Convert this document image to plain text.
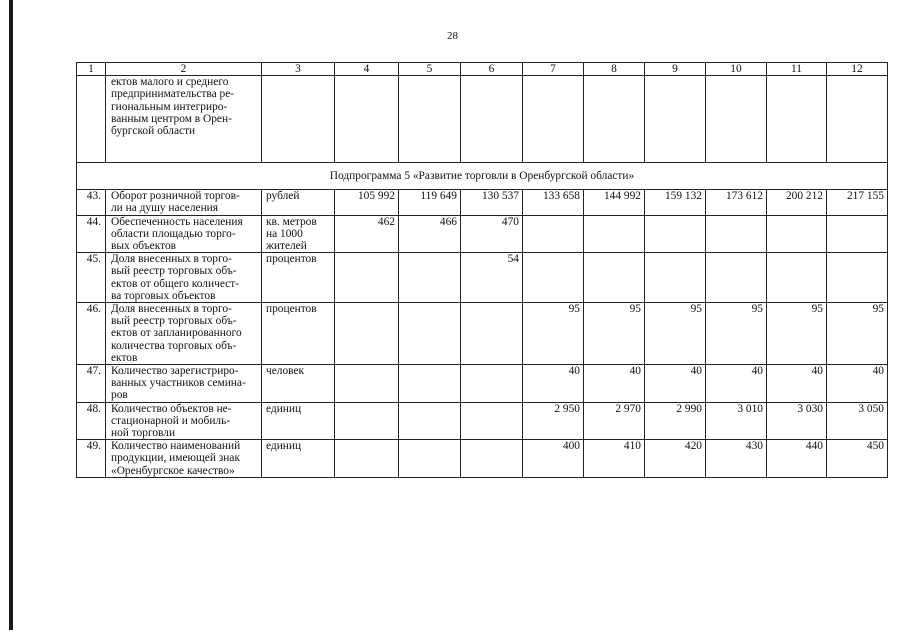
28
1	2	3	4	5	6	7	8	9	10	11	12
	ектов малого и среднего
предпринимательства ре-
гиональным интегриро-
ванным центром в Орен-
бургской области										
Подпрограмма 5 «Развитие торговли в Оренбургской области»											
43.	Оборот розничной торгов-
ли на душу населения	рублей	105 992	119 649	130 537	133 658	144 992	159 132	173 612	200 212	217 155
44.	Обеспеченность населения
области площадью торго-
вых объектов	кв. метров
на 1000
жителей	462	466	470						
45.	Доля внесенных в торго-
вый реестр торговых объ-
ектов от общего количест-
ва торговых объектов	процентов			54						
46.	Доля внесенных в торго-
вый реестр торговых объ-
ектов от запланированного
количества торговых объ-
ектов	процентов				95	95	95	95	95	95
47.	Количество зарегистриро-
ванных участников семина-
ров	человек				40	40	40	40	40	40
48.	Количество объектов не-
стационарной и мобиль-
ной торговли	единиц				2 950	2 970	2 990	3 010	3 030	3 050
49.	Количество наименований
продукции, имеющей знак
«Оренбургское качество»	единиц				400	410	420	430	440	450
